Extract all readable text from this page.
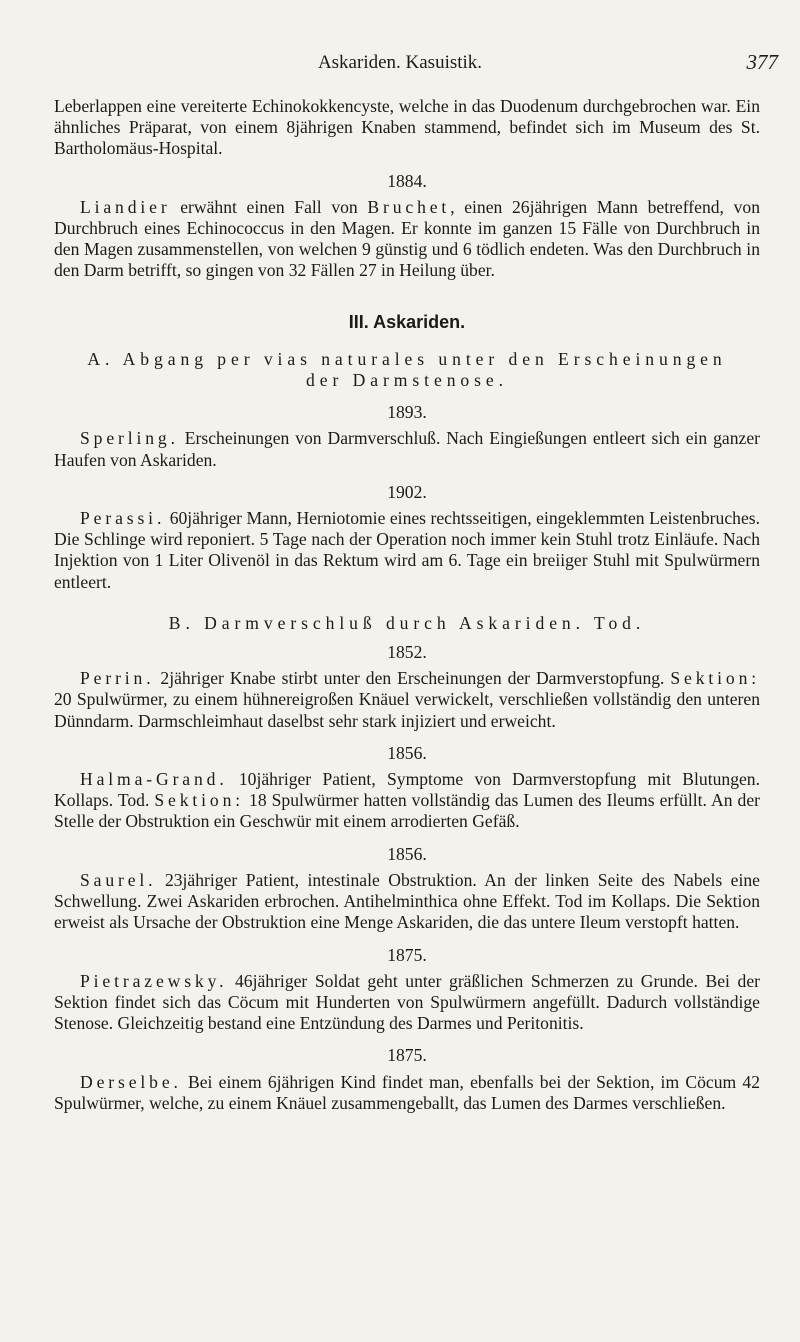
Askariden. Kasuistik.	377

Leberlappen eine vereiterte Echinokokkencyste, welche in das Duodenum durchgebrochen war. Ein ähnliches Präparat, von einem 8jährigen Knaben stammend, befindet sich im Museum des St. Bartholomäus-Hospital.

1884.

Liandier erwähnt einen Fall von Bruchet, einen 26jährigen Mann betreffend, von Durchbruch eines Echinococcus in den Magen. Er konnte im ganzen 15 Fälle von Durchbruch in den Magen zusammenstellen, von welchen 9 günstig und 6 tödlich endeten. Was den Durchbruch in den Darm betrifft, so gingen von 32 Fällen 27 in Heilung über.

III. Askariden.
A. Abgang per vias naturales unter den Erscheinungen
der Darmstenose.
1893.

Sperling. Erscheinungen von Darmverschluß. Nach Eingießungen entleert sich ein ganzer Haufen von Askariden.

1902.

Perassi. 60jähriger Mann, Herniotomie eines rechtsseitigen, eingeklemmten Leistenbruches. Die Schlinge wird reponiert. 5 Tage nach der Operation noch immer kein Stuhl trotz Einläufe. Nach Injektion von 1 Liter Olivenöl in das Rektum wird am 6. Tage ein breiiger Stuhl mit Spulwürmern entleert.

B. Darmverschluß durch Askariden. Tod.
1852.

Perrin. 2jähriger Knabe stirbt unter den Erscheinungen der Darmverstopfung. Sektion: 20 Spulwürmer, zu einem hühnereigroßen Knäuel verwickelt, verschließen vollständig den unteren Dünndarm. Darmschleimhaut daselbst sehr stark injiziert und erweicht.

1856.

Halma-Grand. 10jähriger Patient, Symptome von Darmverstopfung mit Blutungen. Kollaps. Tod. Sektion: 18 Spulwürmer hatten vollständig das Lumen des Ileums erfüllt. An der Stelle der Obstruktion ein Geschwür mit einem arrodierten Gefäß.

1856.

Saurel. 23jähriger Patient, intestinale Obstruktion. An der linken Seite des Nabels eine Schwellung. Zwei Askariden erbrochen. Antihelminthica ohne Effekt. Tod im Kollaps. Die Sektion erweist als Ursache der Obstruktion eine Menge Askariden, die das untere Ileum verstopft hatten.

1875.

Pietrazewsky. 46jähriger Soldat geht unter gräßlichen Schmerzen zu Grunde. Bei der Sektion findet sich das Cöcum mit Hunderten von Spulwürmern angefüllt. Dadurch vollständige Stenose. Gleichzeitig bestand eine Entzündung des Darmes und Peritonitis.

1875.

Derselbe. Bei einem 6jährigen Kind findet man, ebenfalls bei der Sektion, im Cöcum 42 Spulwürmer, welche, zu einem Knäuel zusammengeballt, das Lumen des Darmes verschließen.
